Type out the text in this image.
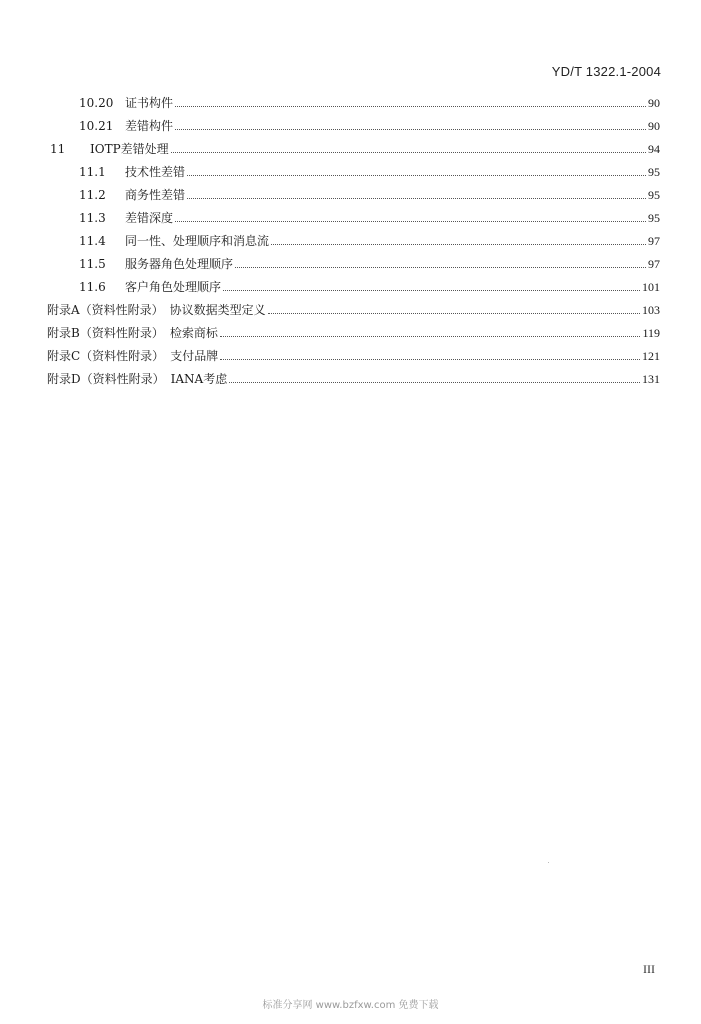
YD/T 1322.1-2004
10.20 证书构件	90
10.21 差错构件	90
11	IOTP差错处理	94
11.1	技术性差错	95
11.2	商务性差错	95
11.3	差错深度	95
11.4	同一性、处理顺序和消息流	97
11.5	服务器角色处理顺序	97
11.6	客户角色处理顺序	101
附录A（资料性附录） 协议数据类型定义	103
附录B（资料性附录） 检索商标	119
附录C（资料性附录） 支付品牌	121
附录D（资料性附录） IANA考虑	131
III
标准分享网 www.bzfxw.com 免费下载
